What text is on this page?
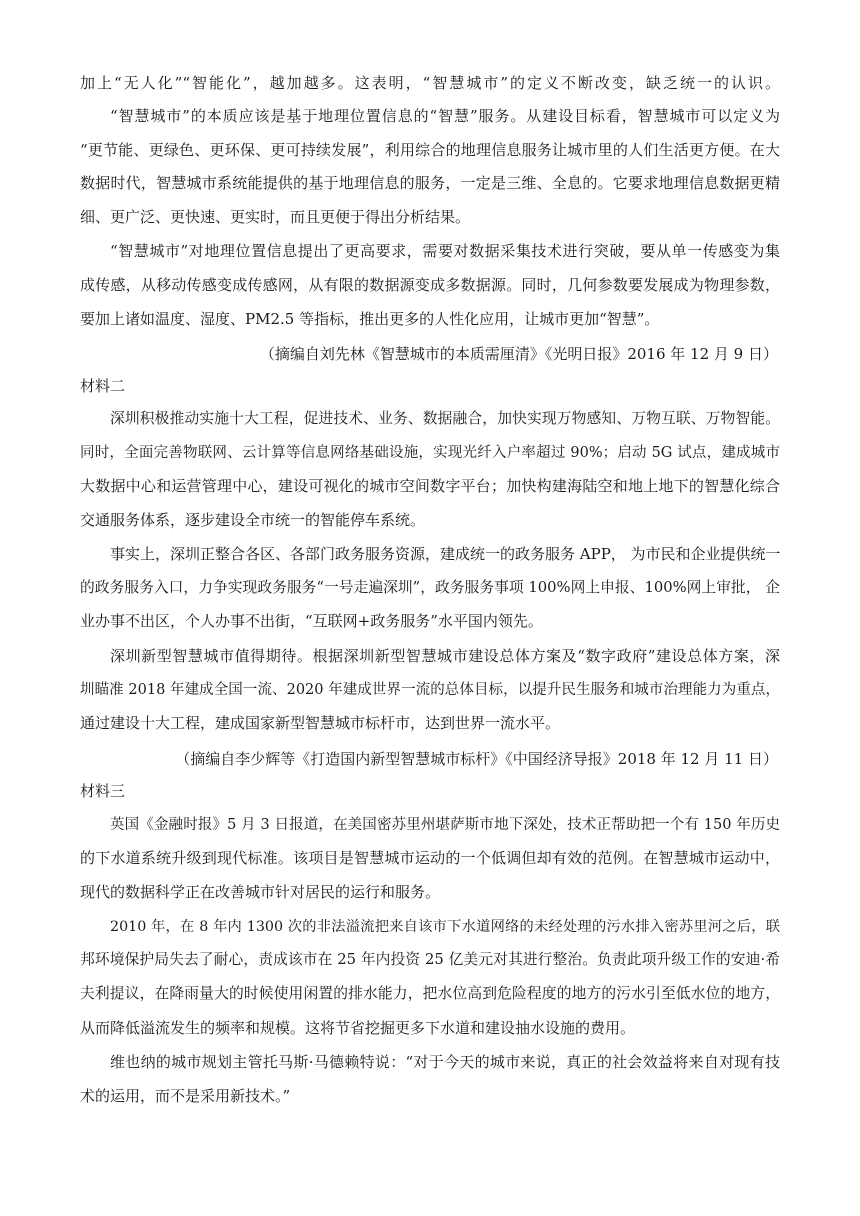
加上“无人化”“智能化”，越加越多。这表明，“智慧城市”的定义不断改变，缺乏统一的认识。
“智慧城市”的本质应该是基于地理位置信息的“智慧”服务。从建设目标看，智慧城市可以定义为
“更节能、更绿色、更环保、更可持续发展”，利用综合的地理信息服务让城市里的人们生活更方便。在大
数据时代，智慧城市系统能提供的基于地理信息的服务，一定是三维、全息的。它要求地理信息数据更精
细、更广泛、更快速、更实时，而且更便于得出分析结果。
“智慧城市”对地理位置信息提出了更高要求，需要对数据采集技术进行突破，要从单一传感变为集
成传感，从移动传感变成传感网，从有限的数据源变成多数据源。同时，几何参数要发展成为物理参数，
要加上诸如温度、湿度、PM2.5 等指标，推出更多的人性化应用，让城市更加“智慧”。
（摘编自刘先林《智慧城市的本质需厘清》《光明日报》2016 年 12 月 9 日）
材料二
深圳积极推动实施十大工程，促进技术、业务、数据融合，加快实现万物感知、万物互联、万物智能。
同时，全面完善物联网、云计算等信息网络基础设施，实现光纤入户率超过 90%；启动 5G 试点，建成城市
大数据中心和运营管理中心，建设可视化的城市空间数字平台；加快构建海陆空和地上地下的智慧化综合
交通服务体系，逐步建设全市统一的智能停车系统。
事实上，深圳正整合各区、各部门政务服务资源，建成统一的政务服务 APP， 为市民和企业提供统一
的政务服务入口，力争实现政务服务“一号走遍深圳”，政务服务事项 100%网上申报、100%网上审批， 企
业办事不出区，个人办事不出街，“互联网+政务服务”水平国内领先。
深圳新型智慧城市值得期待。根据深圳新型智慧城市建设总体方案及“数字政府”建设总体方案，深
圳瞄准 2018 年建成全国一流、2020 年建成世界一流的总体目标，以提升民生服务和城市治理能力为重点，
通过建设十大工程，建成国家新型智慧城市标杆市，达到世界一流水平。
（摘编自李少辉等《打造国内新型智慧城市标杆》《中国经济导报》2018 年 12 月 11 日）
材料三
英国《金融时报》5 月 3 日报道，在美国密苏里州堪萨斯市地下深处，技术正帮助把一个有 150 年历史
的下水道系统升级到现代标准。该项目是智慧城市运动的一个低调但却有效的范例。在智慧城市运动中，
现代的数据科学正在改善城市针对居民的运行和服务。
2010 年，在 8 年内 1300 次的非法溢流把来自该市下水道网络的未经处理的污水排入密苏里河之后，联
邦环境保护局失去了耐心，责成该市在 25 年内投资 25 亿美元对其进行整治。负责此项升级工作的安迪·希
夫利提议，在降雨量大的时候使用闲置的排水能力，把水位高到危险程度的地方的污水引至低水位的地方，
从而降低溢流发生的频率和规模。这将节省挖掘更多下水道和建设抽水设施的费用。
维也纳的城市规划主管托马斯·马德赖特说：“对于今天的城市来说，真正的社会效益将来自对现有技
术的运用，而不是采用新技术。”
